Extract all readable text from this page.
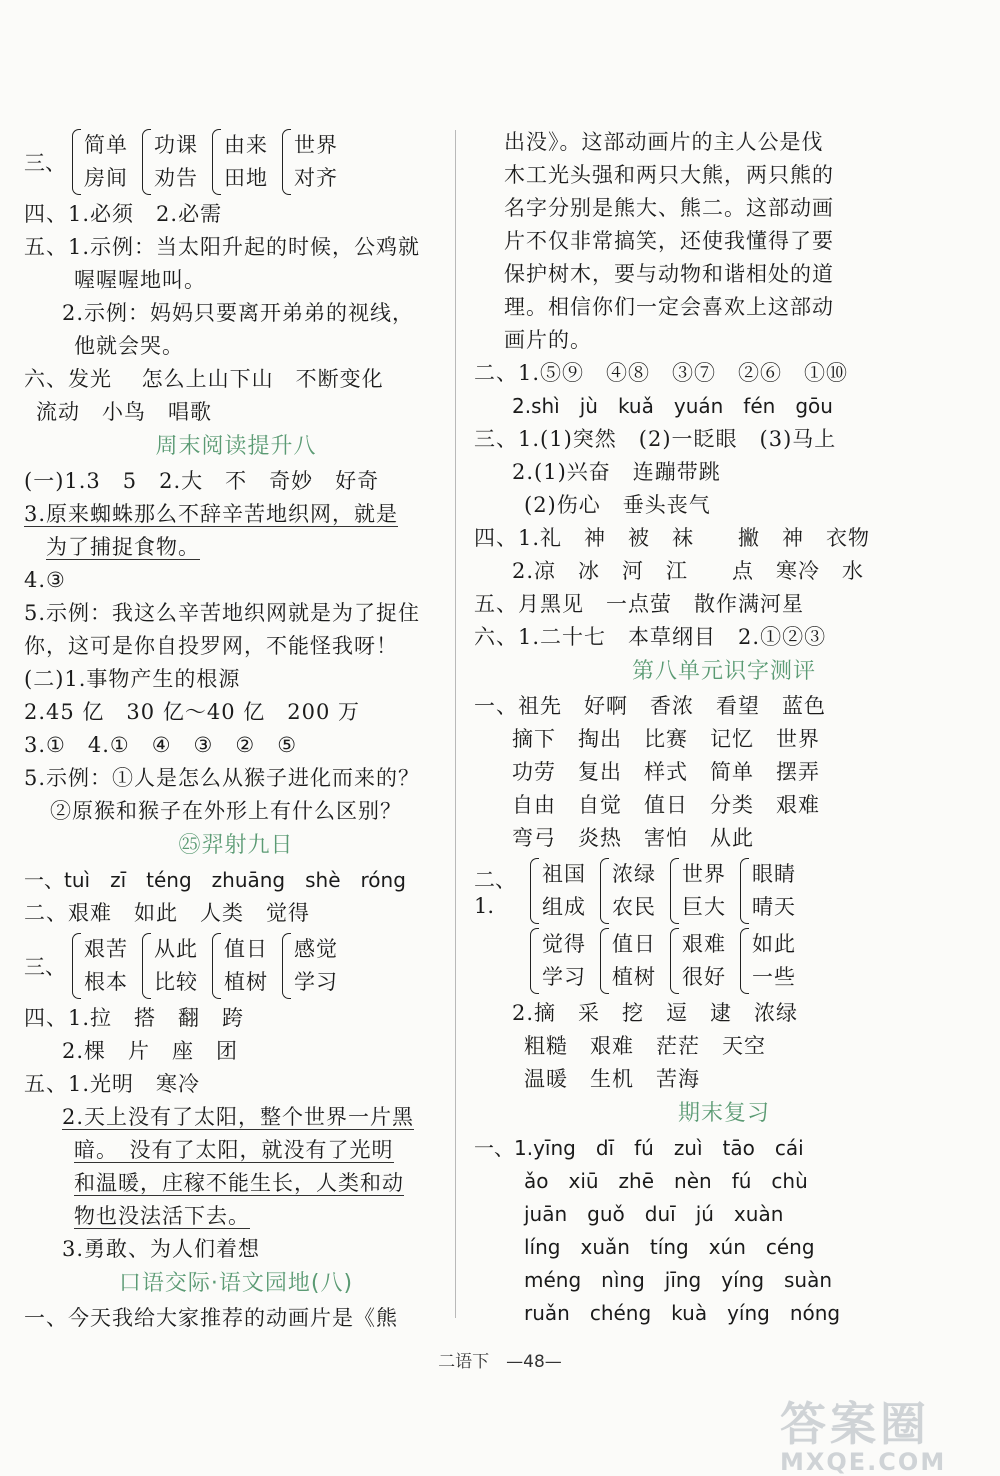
三、
简单
房间
功课
劝告
由来
田地
世界
对齐
四、1.必须　2.必需
五、1.示例：当太阳升起的时候，公鸡就
喔喔喔地叫。
2.示例：妈妈只要离开弟弟的视线，
他就会哭。
六、发光　 怎么上山下山　不断变化
流动　小鸟　唱歌
周末阅读提升八
(一)1.3　5　2.大　不　奇妙　好奇
3.原来蜘蛛那么不辞辛苦地织网，就是
为了捕捉食物。
4.③
5.示例：我这么辛苦地织网就是为了捉住
你，这可是你自投罗网，不能怪我呀！
(二)1.事物产生的根源
2.45 亿　30 亿～40 亿　200 万
3.①　4.①　④　③　②　⑤
5.示例：①人是怎么从猴子进化而来的？
②原猴和猴子在外形上有什么区别？
㉕羿射九日
一、tuì　zī　téng　zhuāng　shè　róng
二、艰难　如此　人类　觉得
三、
艰苦
根本
从此
比较
值日
植树
感觉
学习
四、1.拉　搭　翻　跨
2.棵　片　座　团
五、1.光明　寒冷
2.天上没有了太阳，整个世界一片黑
暗。　没有了太阳，就没有了光明
和温暖，庄稼不能生长，人类和动
物也没法活下去。
3.勇敢、为人们着想
口语交际·语文园地(八)
一、今天我给大家推荐的动画片是《熊
出没》。这部动画片的主人公是伐
木工光头强和两只大熊，两只熊的
名字分别是熊大、熊二。这部动画
片不仅非常搞笑，还使我懂得了要
保护树木，要与动物和谐相处的道
理。相信你们一定会喜欢上这部动
画片的。
二、1.⑤⑨　④⑧　③⑦　②⑥　①⑩
2.shì　jù　kuǎ　yuán　fén　gōu
三、1.(1)突然　(2)一眨眼　(3)马上
2.(1)兴奋　连蹦带跳
(2)伤心　垂头丧气
四、1.礼　神　被　袜　　撇　神　衣物
2.凉　冰　河　江　　点　寒冷　水
五、月黑见　一点萤　散作满河星
六、1.二十七　本草纲目　2.①②③
第八单元识字测评
一、祖先　好啊　香浓　看望　蓝色
摘下　掏出　比赛　记忆　世界
功劳　复出　样式　简单　摆弄
自由　自觉　值日　分类　艰难
弯弓　炎热　害怕　从此
二、1.
祖国
组成
浓绿
农民
世界
巨大
眼睛
晴天
觉得
学习
值日
植树
艰难
很好
如此
一些
2.摘　采　挖　逗　逮　浓绿
粗糙　艰难　茫茫　天空
温暖　生机　苦海
期末复习
一、1.yīng　dī　fú　zuì　tāo　cái
ǎo　xiū　zhē　nèn　fú　chù
juān　guǒ　duī　jú　xuàn
líng　xuǎn　tíng　xún　céng
méng　nìng　jīng　yíng　suàn
ruǎn　chéng　kuà　yíng　nóng
二语下　—48—
答案圈
MXQE.COM
